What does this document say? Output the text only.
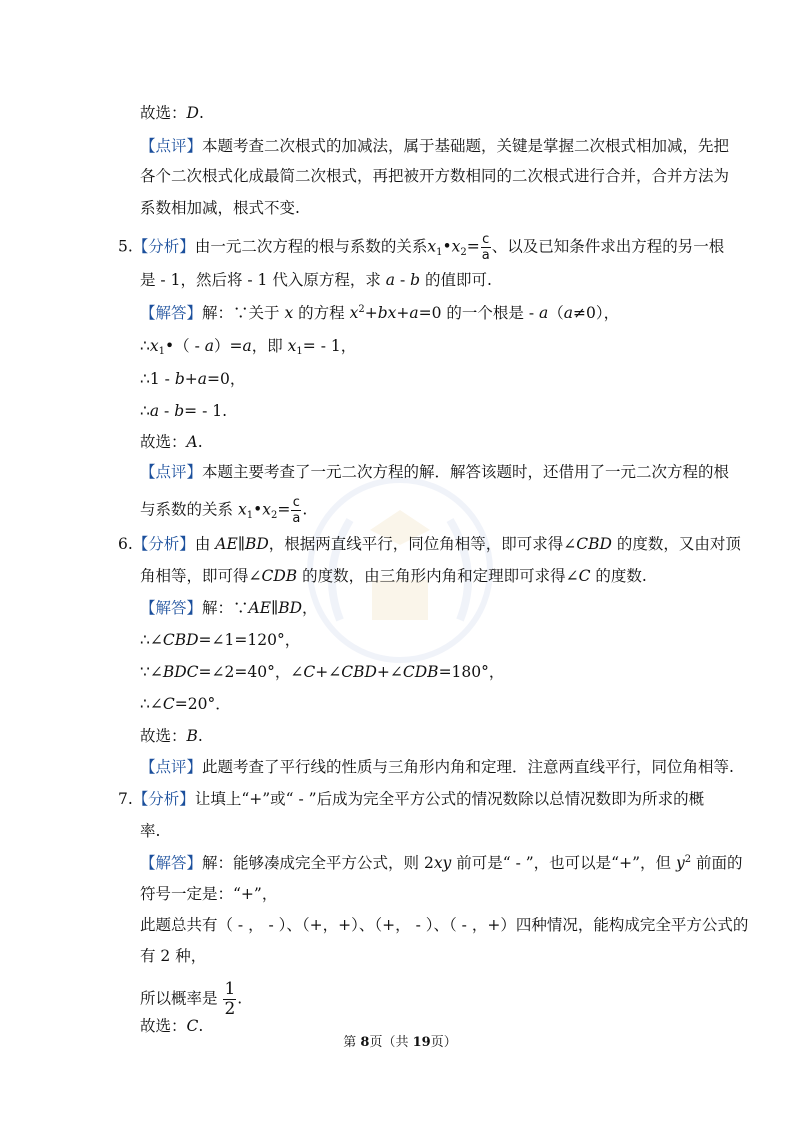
故选：D.
【点评】本题考查二次根式的加减法，属于基础题，关键是掌握二次根式相加减，先把
各个二次根式化成最简二次根式，再把被开方数相同的二次根式进行合并，合并方法为
系数相加减，根式不变.
5.【分析】由一元二次方程的根与系数的关系$x_1•x_2= \frac{c}{a}$ 、以及已知条件求出方程的另一根
是 - 1，然后将 - 1 代入原方程，求 a - b 的值即可.
【解答】解：∵关于 x 的方程 $x^2+bx+a=0$ 的一个根是 - a（a≠0），
$\therefore x_1•( - a)=a$，即 $x_1= - 1$，
∴1 - b+a=0，
∴a - b= - 1.
故选：A.
【点评】本题主要考查了一元二次方程的解．解答该题时，还借用了一元二次方程的根
与系数的关系 $x_1•x_2= \frac{c}{a}$ .
6.【分析】由 AE∥BD，根据两直线平行，同位角相等，即可求得∠CBD 的度数，又由对顶
角相等，即可得∠CDB 的度数，由三角形内角和定理即可求得∠C 的度数.
【解答】解：∵AE∥BD，
∴∠CBD=∠1=120°，
∵∠BDC=∠2=40°，∠C+∠CBD+∠CDB=180°，
∴∠C=20°．
故选：B.
【点评】此题考查了平行线的性质与三角形内角和定理．注意两直线平行，同位角相等.
7.【分析】让填上“+”或“ - ”后成为完全平方公式的情况数除以总情况数即为所求的概
率.
【解答】解：能够凑成完全平方公式，则 2xy 前可是“ - ”，也可以是“+”，但 $y^2$ 前面的
符号一定是：“+”，
此题总共有（ - ， - ）、（+，+）、（+， - ）、（ - ，+）四种情况，能构成完全平方公式的
有 2 种，
所以概率是 $\frac{1}{2}$ .
故选：C.
第 8页（共 19页）
